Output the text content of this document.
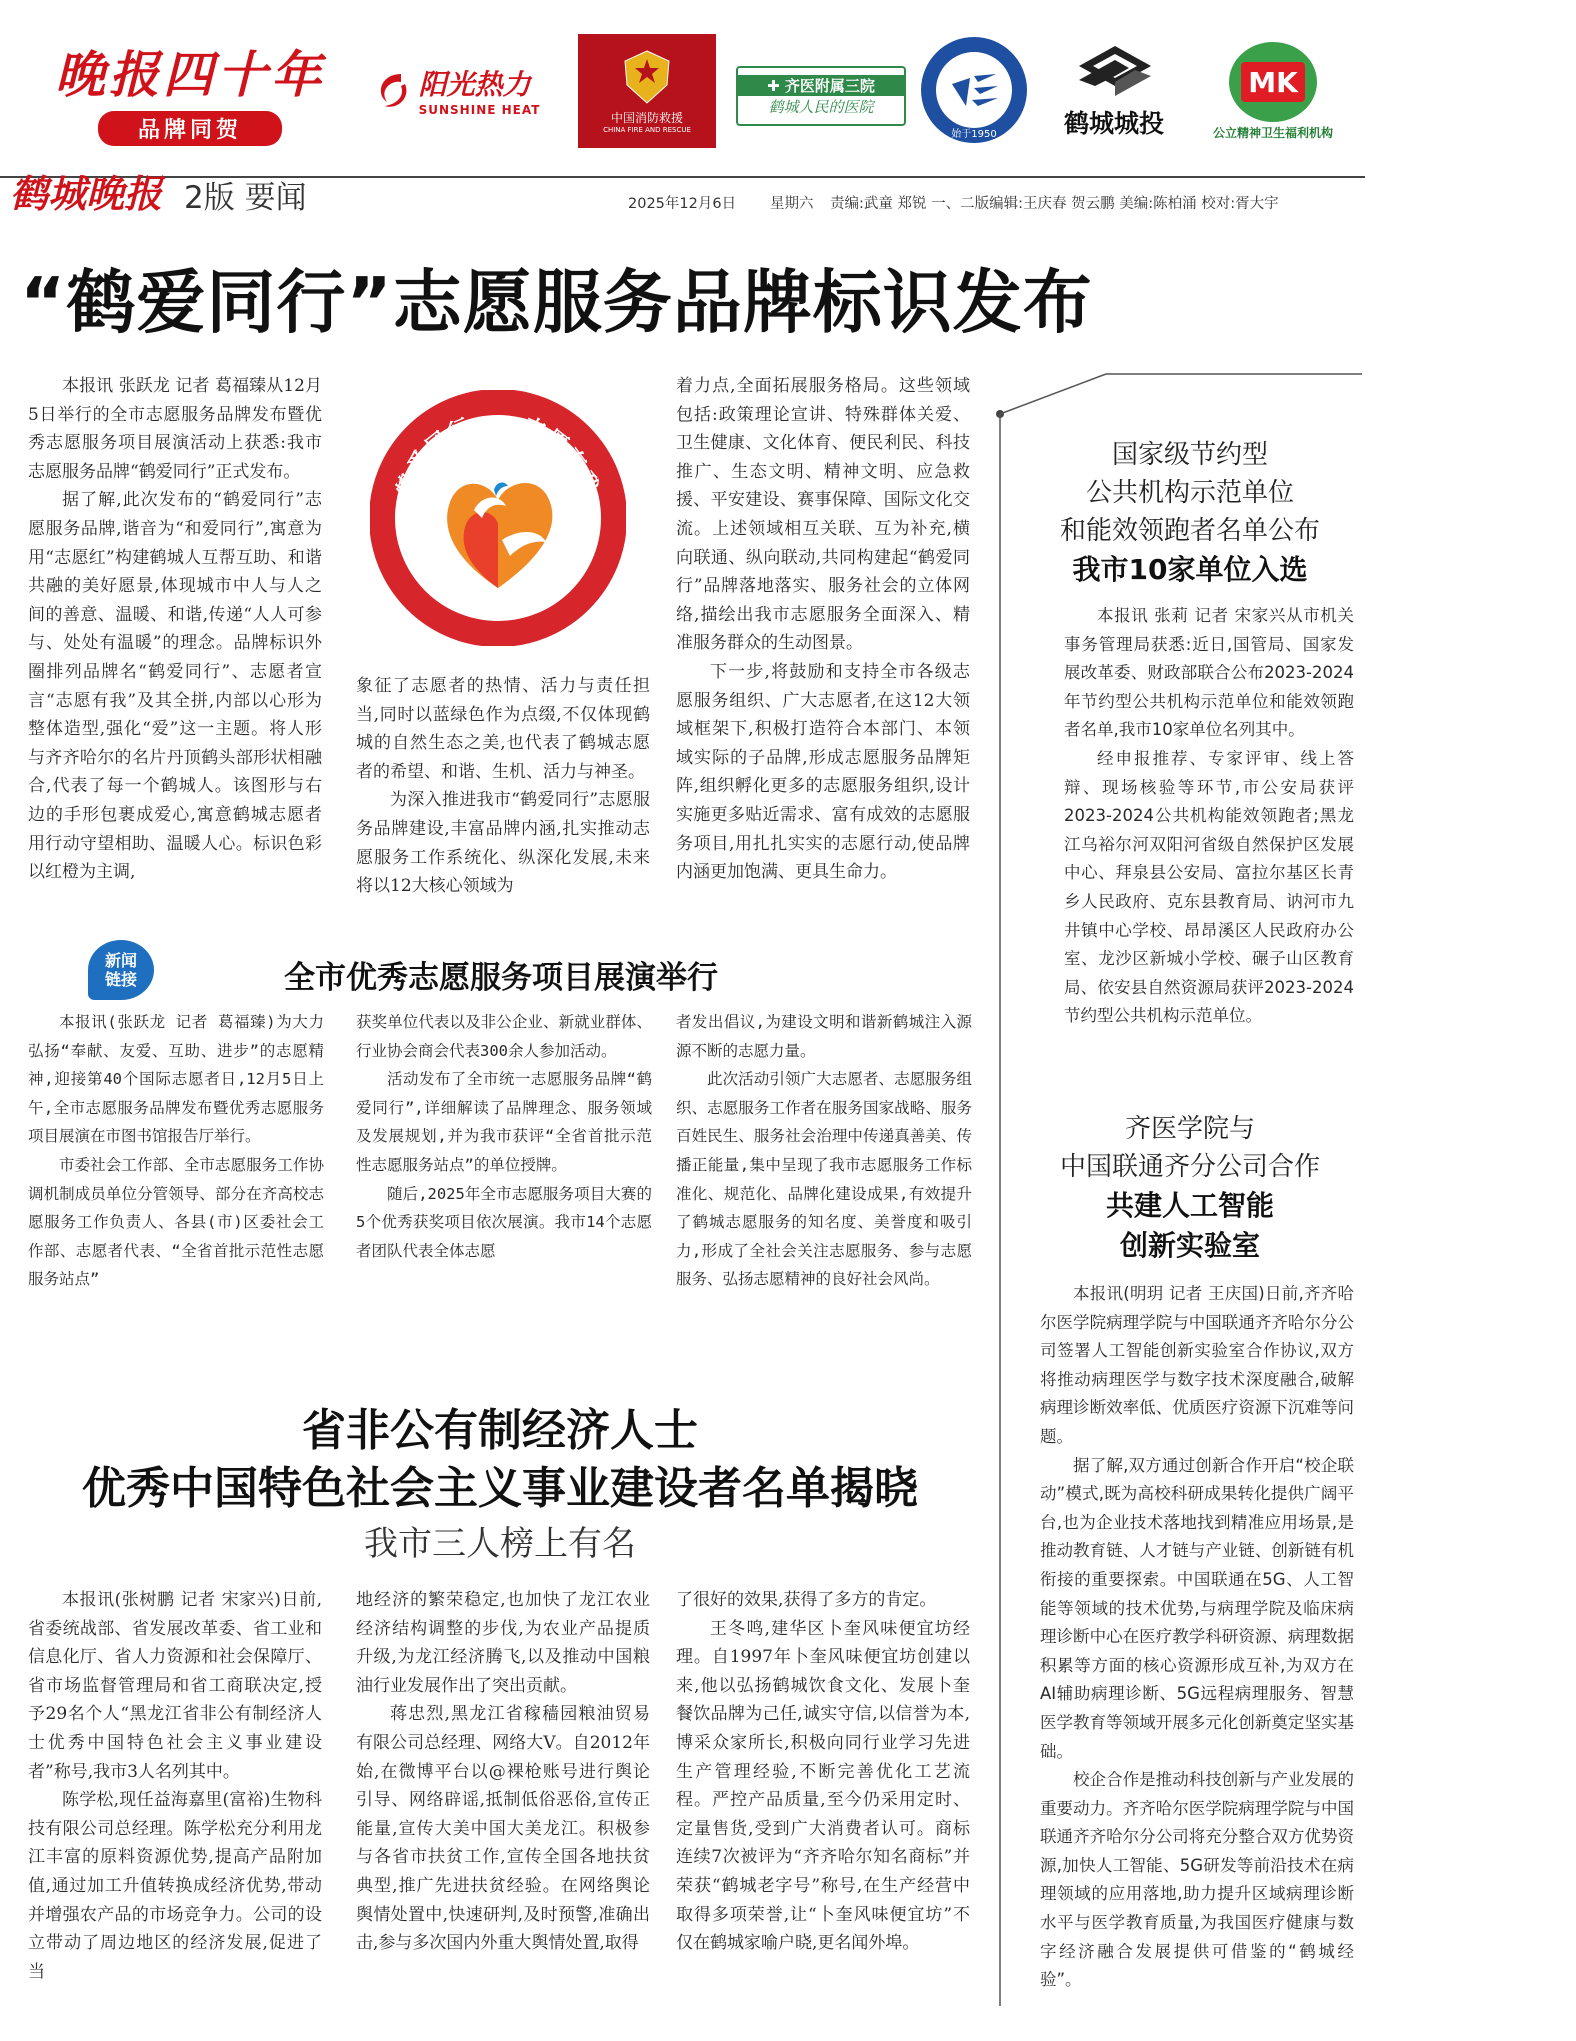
晚报四十年
品牌同贺
阳光热力
SUNSHINE HEAT
中国消防救援
CHINA FIRE AND RESCUE
✚ 齐医附属三院
鹤城人民的医院
始于1950	鹤城城投
MK
公立精神卫生福利机构
鹤城晚报 2版 要闻	2025年12月6日 星期六 责编:武童 郑锐 一、二版编辑:王庆春 贺云鹏 美编:陈柏涌 校对:胥大宇
“鹤爱同行”志愿服务品牌标识发布

本报讯 张跃龙 记者 葛福臻从12月5日举行的全市志愿服务品牌发布暨优秀志愿服务项目展演活动上获悉:我市志愿服务品牌“鹤爱同行”正式发布。

据了解,此次发布的“鹤爱同行”志愿服务品牌,谐音为“和爱同行”,寓意为用“志愿红”构建鹤城人互帮互助、和谐共融的美好愿景,体现城市中人与人之间的善意、温暖、和谐,传递“人人可参与、处处有温暖”的理念。品牌标识外圈排列品牌名“鹤爱同行”、志愿者宣言“志愿有我”及其全拼,内部以心形为整体造型,强化“爱”这一主题。将人形与齐齐哈尔的名片丹顶鹤头部形状相融合,代表了每一个鹤城人。该图形与右边的手形包裹成爱心,寓意鹤城志愿者用行动守望相助、温暖人心。标识色彩以红橙为主调,

鹤爱同行　　 志愿有我
HE AI TONG XING HI YUAN YOU W

象征了志愿者的热情、活力与责任担当,同时以蓝绿色作为点缀,不仅体现鹤城的自然生态之美,也代表了鹤城志愿者的希望、和谐、生机、活力与神圣。

为深入推进我市“鹤爱同行”志愿服务品牌建设,丰富品牌内涵,扎实推动志愿服务工作系统化、纵深化发展,未来将以12大核心领域为

着力点,全面拓展服务格局。这些领域包括:政策理论宣讲、特殊群体关爱、卫生健康、文化体育、便民利民、科技推广、生态文明、精神文明、应急救援、平安建设、赛事保障、国际文化交流。上述领域相互关联、互为补充,横向联通、纵向联动,共同构建起“鹤爱同行”品牌落地落实、服务社会的立体网络,描绘出我市志愿服务全面深入、精准服务群众的生动图景。

下一步,将鼓励和支持全市各级志愿服务组织、广大志愿者,在这12大领域框架下,积极打造符合本部门、本领域实际的子品牌,形成志愿服务品牌矩阵,组织孵化更多的志愿服务组织,设计实施更多贴近需求、富有成效的志愿服务项目,用扎扎实实的志愿行动,使品牌内涵更加饱满、更具生命力。

新闻链接	全市优秀志愿服务项目展演举行

本报讯(张跃龙 记者 葛福臻)为大力弘扬“奉献、友爱、互助、进步”的志愿精神,迎接第40个国际志愿者日,12月5日上午,全市志愿服务品牌发布暨优秀志愿服务项目展演在市图书馆报告厅举行。

市委社会工作部、全市志愿服务工作协调机制成员单位分管领导、部分在齐高校志愿服务工作负责人、各县(市)区委社会工作部、志愿者代表、“全省首批示范性志愿服务站点”

获奖单位代表以及非公企业、新就业群体、行业协会商会代表300余人参加活动。

活动发布了全市统一志愿服务品牌“鹤爱同行”,详细解读了品牌理念、服务领域及发展规划,并为我市获评“全省首批示范性志愿服务站点”的单位授牌。

随后,2025年全市志愿服务项目大赛的5个优秀获奖项目依次展演。我市14个志愿者团队代表全体志愿

者发出倡议,为建设文明和谐新鹤城注入源源不断的志愿力量。

此次活动引领广大志愿者、志愿服务组织、志愿服务工作者在服务国家战略、服务百姓民生、服务社会治理中传递真善美、传播正能量,集中呈现了我市志愿服务工作标准化、规范化、品牌化建设成果,有效提升了鹤城志愿服务的知名度、美誉度和吸引力,形成了全社会关注志愿服务、参与志愿服务、弘扬志愿精神的良好社会风尚。

省非公有制经济人士
优秀中国特色社会主义事业建设者名单揭晓
我市三人榜上有名

本报讯(张树鹏 记者 宋家兴)日前,省委统战部、省发展改革委、省工业和信息化厅、省人力资源和社会保障厅、省市场监督管理局和省工商联决定,授予29名个人“黑龙江省非公有制经济人士优秀中国特色社会主义事业建设者”称号,我市3人名列其中。

陈学松,现任益海嘉里(富裕)生物科技有限公司总经理。陈学松充分利用龙江丰富的原料资源优势,提高产品附加值,通过加工升值转换成经济优势,带动并增强农产品的市场竞争力。公司的设立带动了周边地区的经济发展,促进了当

地经济的繁荣稳定,也加快了龙江农业经济结构调整的步伐,为农业产品提质升级,为龙江经济腾飞,以及推动中国粮油行业发展作出了突出贡献。

蒋忠烈,黑龙江省稼穑园粮油贸易有限公司总经理、网络大V。自2012年始,在微博平台以@裸枪账号进行舆论引导、网络辟谣,抵制低俗恶俗,宣传正能量,宣传大美中国大美龙江。积极参与各省市扶贫工作,宣传全国各地扶贫典型,推广先进扶贫经验。在网络舆论舆情处置中,快速研判,及时预警,准确出击,参与多次国内外重大舆情处置,取得

了很好的效果,获得了多方的肯定。

王冬鸣,建华区卜奎风味便宜坊经理。自1997年卜奎风味便宜坊创建以来,他以弘扬鹤城饮食文化、发展卜奎餐饮品牌为己任,诚实守信,以信誉为本,博采众家所长,积极向同行业学习先进生产管理经验,不断完善优化工艺流程。严控产品质量,至今仍采用定时、定量售货,受到广大消费者认可。商标连续7次被评为“齐齐哈尔知名商标”并荣获“鹤城老字号”称号,在生产经营中取得多项荣誉,让“卜奎风味便宜坊”不仅在鹤城家喻户晓,更名闻外埠。

国家级节约型
公共机构示范单位
和能效领跑者名单公布
我市10家单位入选

本报讯 张莉 记者 宋家兴从市机关事务管理局获悉:近日,国管局、国家发展改革委、财政部联合公布2023-2024年节约型公共机构示范单位和能效领跑者名单,我市10家单位名列其中。

经申报推荐、专家评审、线上答辩、现场核验等环节,市公安局获评2023-2024公共机构能效领跑者;黑龙江乌裕尔河双阳河省级自然保护区发展中心、拜泉县公安局、富拉尔基区长青乡人民政府、克东县教育局、讷河市九井镇中心学校、昂昂溪区人民政府办公室、龙沙区新城小学校、碾子山区教育局、依安县自然资源局获评2023-2024节约型公共机构示范单位。

齐医学院与
中国联通齐分公司合作
共建人工智能
创新实验室

本报讯(明玥 记者 王庆国)日前,齐齐哈尔医学院病理学院与中国联通齐齐哈尔分公司签署人工智能创新实验室合作协议,双方将推动病理医学与数字技术深度融合,破解病理诊断效率低、优质医疗资源下沉难等问题。

据了解,双方通过创新合作开启“校企联动”模式,既为高校科研成果转化提供广阔平台,也为企业技术落地找到精准应用场景,是推动教育链、人才链与产业链、创新链有机衔接的重要探索。中国联通在5G、人工智能等领域的技术优势,与病理学院及临床病理诊断中心在医疗教学科研资源、病理数据积累等方面的核心资源形成互补,为双方在AI辅助病理诊断、5G远程病理服务、智慧医学教育等领域开展多元化创新奠定坚实基础。

校企合作是推动科技创新与产业发展的重要动力。齐齐哈尔医学院病理学院与中国联通齐齐哈尔分公司将充分整合双方优势资源,加快人工智能、5G研发等前沿技术在病理领域的应用落地,助力提升区域病理诊断水平与医学教育质量,为我国医疗健康与数字经济融合发展提供可借鉴的“鹤城经验”。
